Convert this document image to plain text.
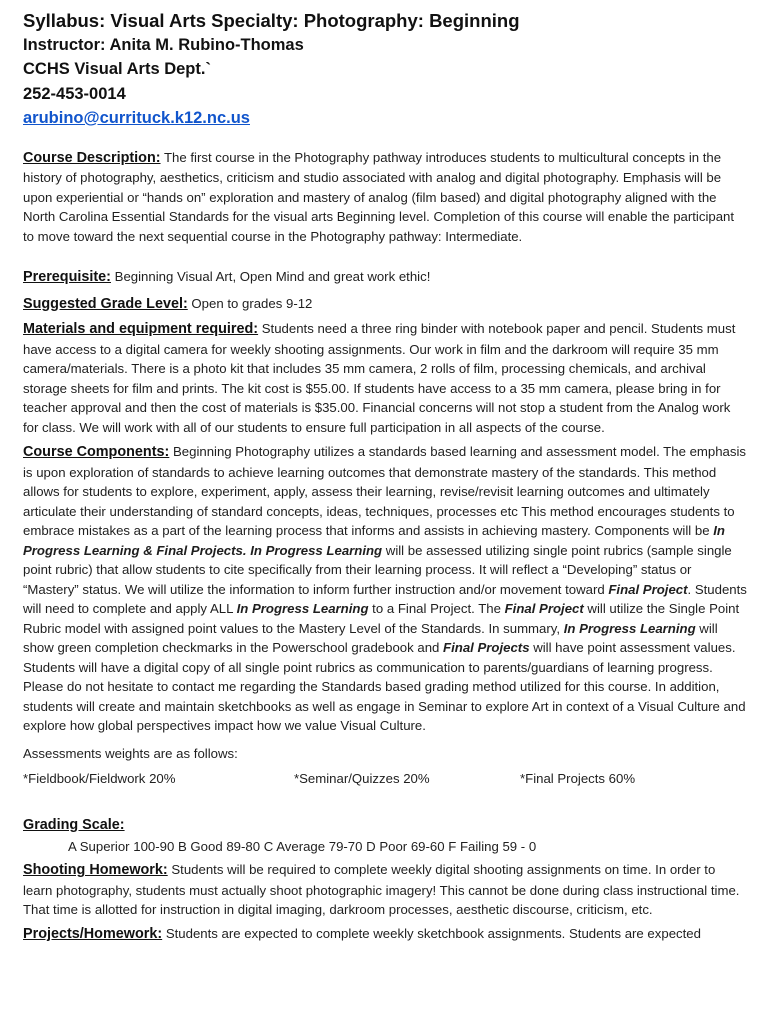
Syllabus: Visual Arts Specialty: Photography: Beginning
Instructor: Anita M. Rubino-Thomas
CCHS Visual Arts Dept.`
252-453-0014
arubino@currituck.k12.nc.us

Course Description: The first course in the Photography pathway introduces students to multicultural concepts in the history of photography, aesthetics, criticism and studio associated with analog and digital photography. Emphasis will be upon experiential or “hands on” exploration and mastery of analog (film based) and digital photography aligned with the North Carolina Essential Standards for the visual arts Beginning level. Completion of this course will enable the participant to move toward the next sequential course in the Photography pathway: Intermediate.

Prerequisite: Beginning Visual Art, Open Mind and great work ethic!

Suggested Grade Level: Open to grades 9-12

Materials and equipment required: Students need a three ring binder with notebook paper and pencil. Students must have access to a digital camera for weekly shooting assignments. Our work in film and the darkroom will require 35 mm camera/materials. There is a photo kit that includes 35 mm camera, 2 rolls of film, processing chemicals, and archival storage sheets for film and prints. The kit cost is $55.00. If students have access to a 35 mm camera, please bring in for teacher approval and then the cost of materials is $35.00. Financial concerns will not stop a student from the Analog work for class. We will work with all of our students to ensure full participation in all aspects of the course.

Course Components: Beginning Photography utilizes a standards based learning and assessment model. The emphasis is upon exploration of standards to achieve learning outcomes that demonstrate mastery of the standards. This method allows for students to explore, experiment, apply, assess their learning, revise/revisit learning outcomes and ultimately articulate their understanding of standard concepts, ideas, techniques, processes etc This method encourages students to embrace mistakes as a part of the learning process that informs and assists in achieving mastery. Components will be In Progress Learning & Final Projects. In Progress Learning will be assessed utilizing single point rubrics (sample single point rubric) that allow students to cite specifically from their learning process. It will reflect a “Developing” status or “Mastery” status. We will utilize the information to inform further instruction and/or movement toward Final Project. Students will need to complete and apply ALL In Progress Learning to a Final Project. The Final Project will utilize the Single Point Rubric model with assigned point values to the Mastery Level of the Standards. In summary, In Progress Learning will show green completion checkmarks in the Powerschool gradebook and Final Projects will have point assessment values. Students will have a digital copy of all single point rubrics as communication to parents/guardians of learning progress. Please do not hesitate to contact me regarding the Standards based grading method utilized for this course. In addition, students will create and maintain sketchbooks as well as engage in Seminar to explore Art in context of a Visual Culture and explore how global perspectives impact how we value Visual Culture.

Assessments weights are as follows:

*Fieldbook/Fieldwork 20%	*Seminar/Quizzes 20%	*Final Projects 60%
Grading Scale:
A Superior 100-90 B Good 89-80 C Average 79-70 D Poor 69-60 F Failing 59 - 0

Shooting Homework: Students will be required to complete weekly digital shooting assignments on time. In order to learn photography, students must actually shoot photographic imagery! This cannot be done during class instructional time. That time is allotted for instruction in digital imaging, darkroom processes, aesthetic discourse, criticism, etc.

Projects/Homework: Students are expected to complete weekly sketchbook assignments. Students are expected
